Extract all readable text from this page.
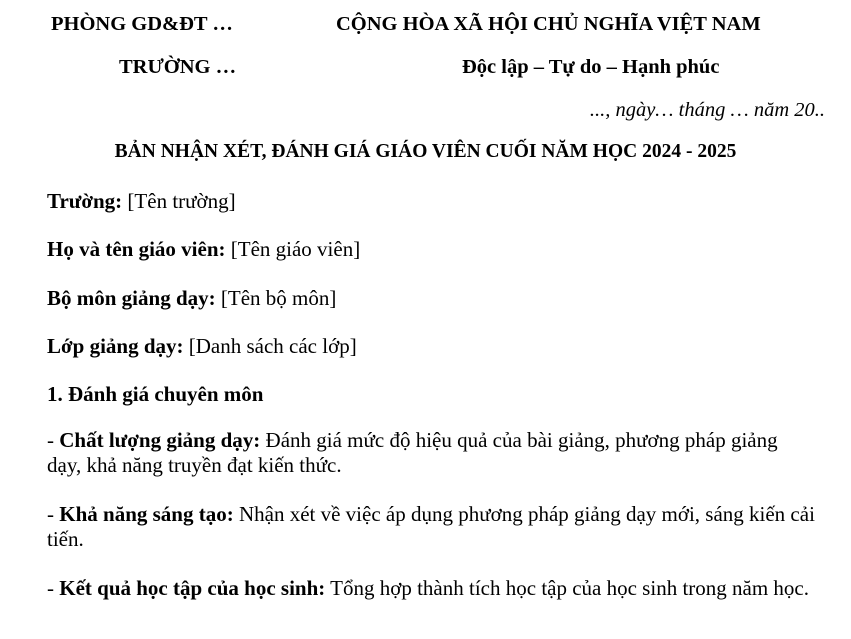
PHÒNG GD&ĐT …	CỘNG HÒA XÃ HỘI CHỦ NGHĨA VIỆT NAM
TRƯỜNG …	Độc lập – Tự do – Hạnh phúc
..., ngày… tháng … năm 20..
BẢN NHẬN XÉT, ĐÁNH GIÁ GIÁO VIÊN CUỐI NĂM HỌC 2024 - 2025
Trường: [Tên trường]
Họ và tên giáo viên: [Tên giáo viên]
Bộ môn giảng dạy: [Tên bộ môn]
Lớp giảng dạy: [Danh sách các lớp]
1. Đánh giá chuyên môn
- Chất lượng giảng dạy: Đánh giá mức độ hiệu quả của bài giảng, phương pháp giảng dạy, khả năng truyền đạt kiến thức.
- Khả năng sáng tạo: Nhận xét về việc áp dụng phương pháp giảng dạy mới, sáng kiến cải tiến.
- Kết quả học tập của học sinh: Tổng hợp thành tích học tập của học sinh trong năm học.
